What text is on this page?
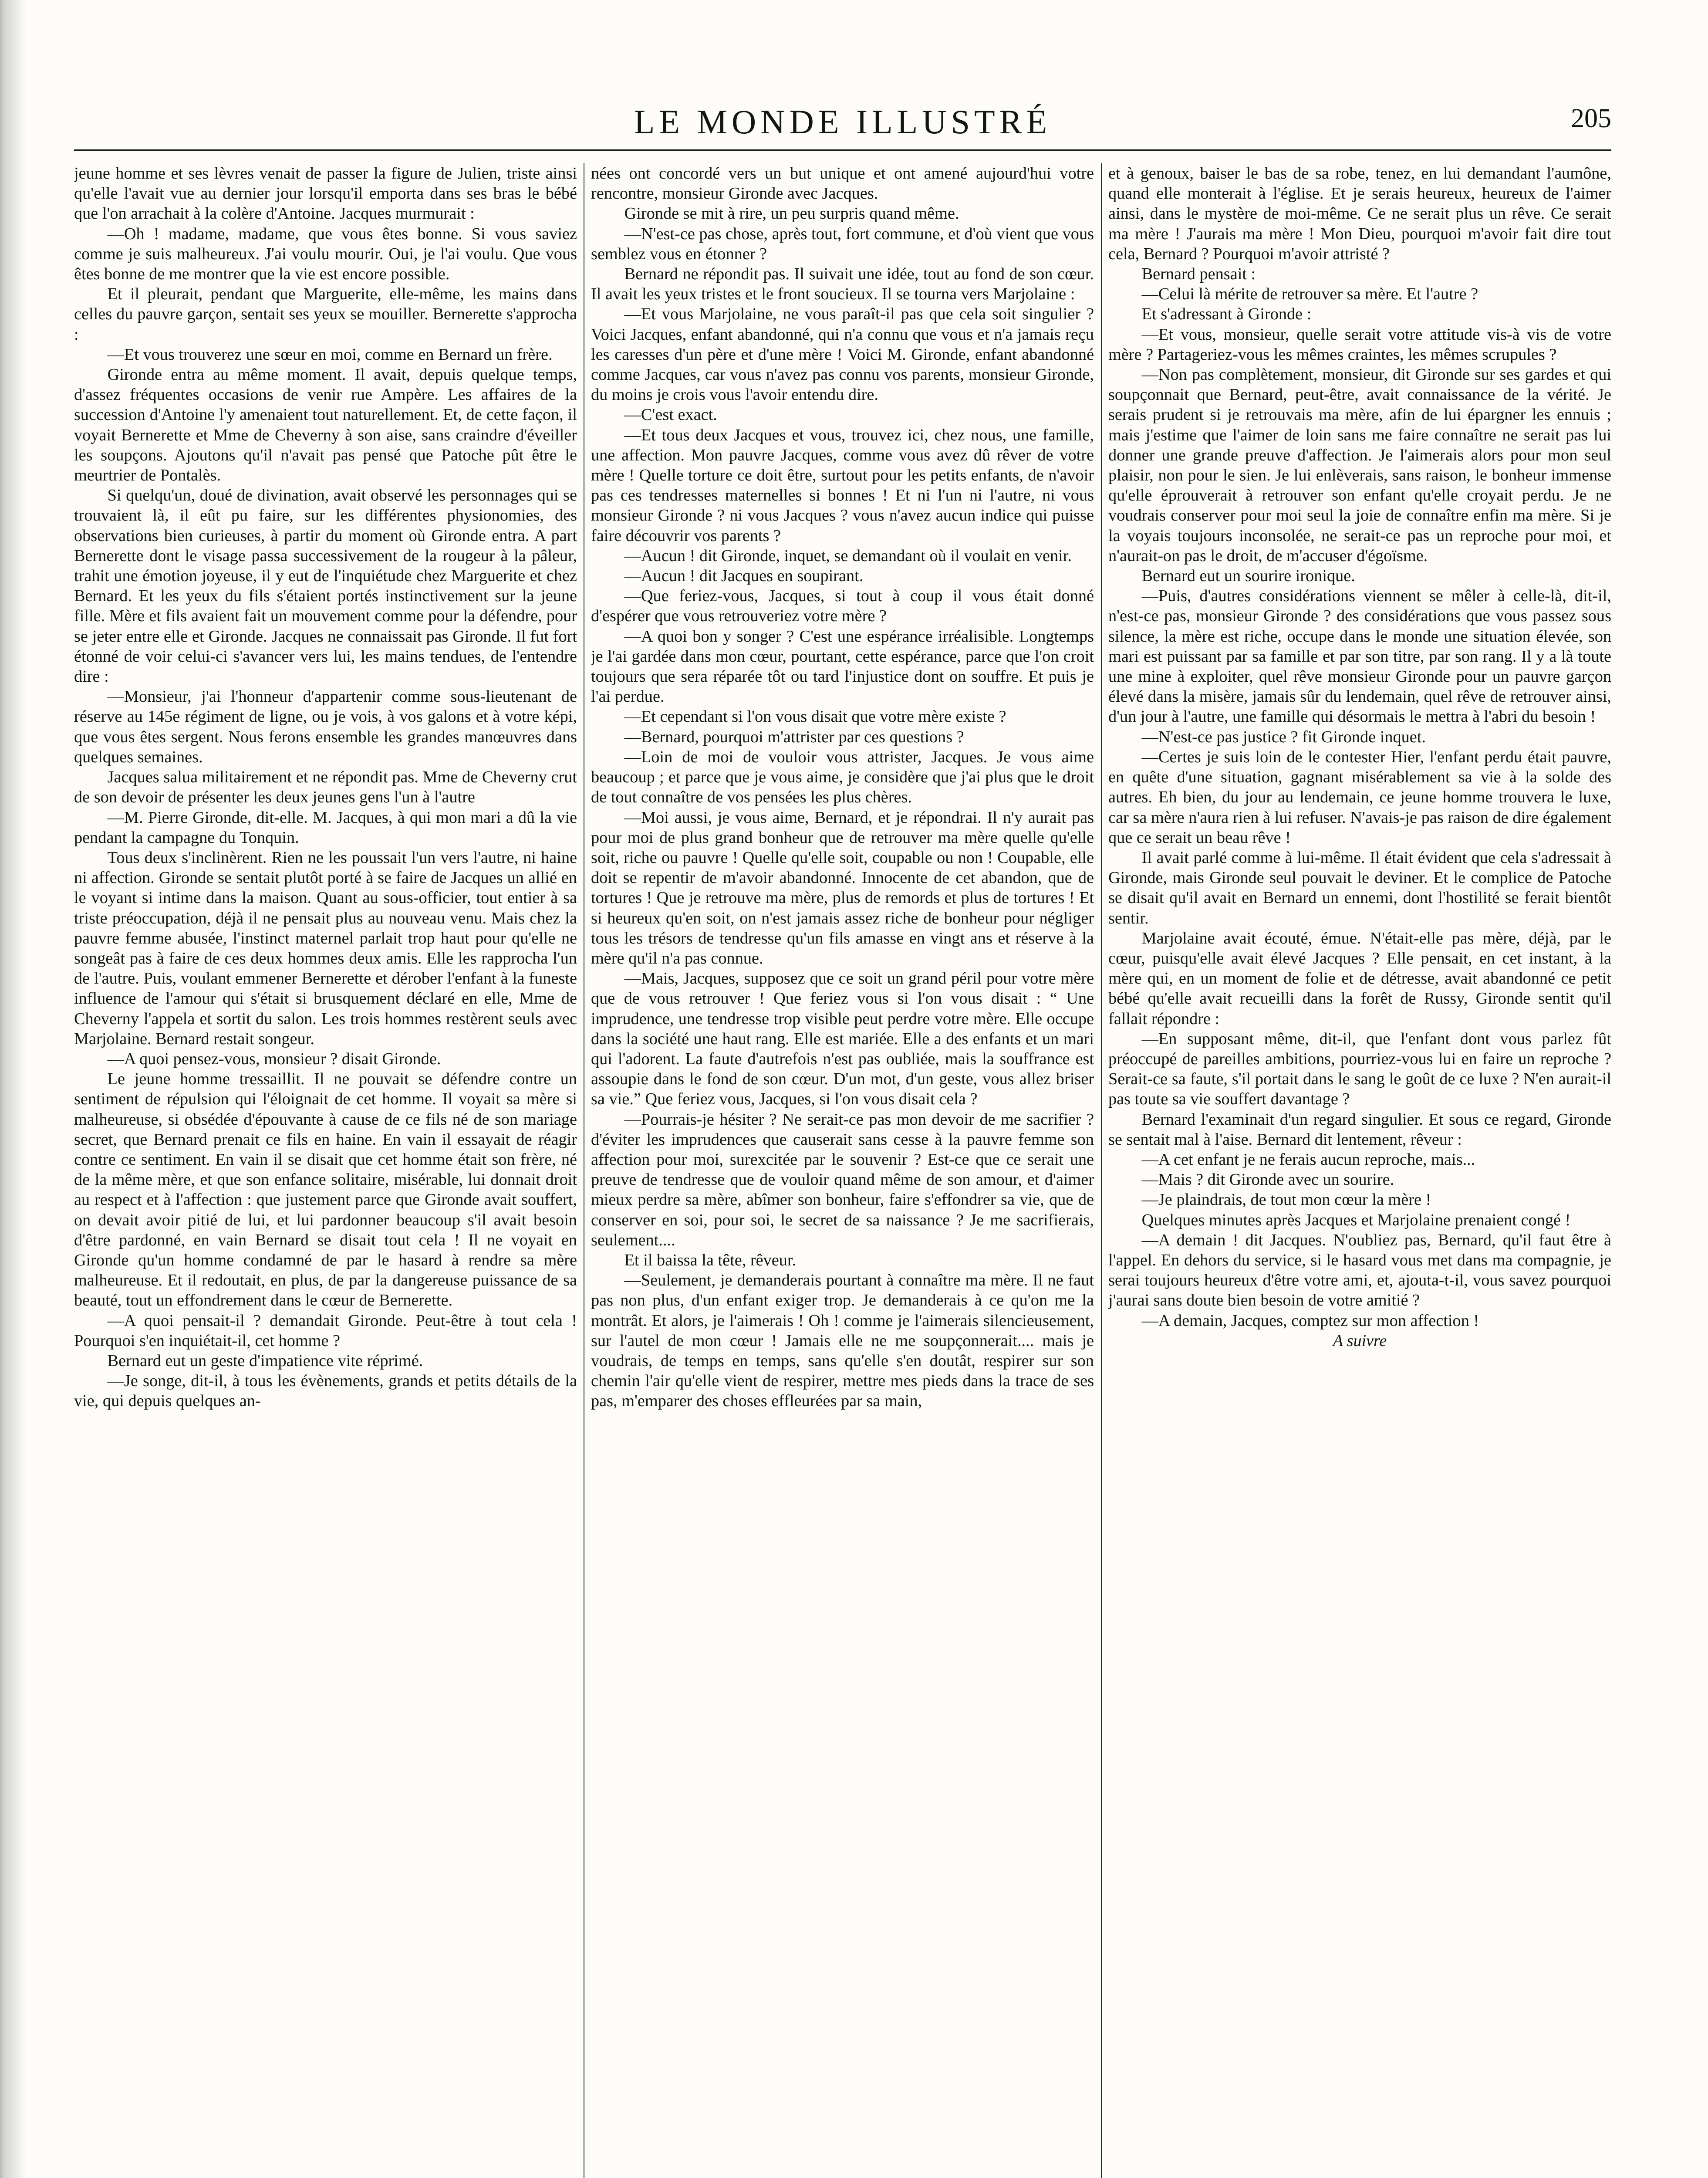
LE MONDE ILLUSTRÉ	205

jeune homme et ses lèvres venait de passer la figure de Julien, triste ainsi qu'elle l'avait vue au dernier jour lorsqu'il emporta dans ses bras le bébé que l'on arrachait à la colère d'Antoine. Jacques murmurait :

—Oh ! madame, madame, que vous êtes bonne. Si vous saviez comme je suis malheureux. J'ai voulu mourir. Oui, je l'ai voulu. Que vous êtes bonne de me montrer que la vie est encore possible.

Et il pleurait, pendant que Marguerite, elle-même, les mains dans celles du pauvre garçon, sentait ses yeux se mouiller. Bernerette s'approcha :

—Et vous trouverez une sœur en moi, comme en Bernard un frère.

Gironde entra au même moment. Il avait, depuis quelque temps, d'assez fréquentes occasions de venir rue Ampère. Les affaires de la succession d'Antoine l'y amenaient tout naturellement. Et, de cette façon, il voyait Bernerette et Mme de Cheverny à son aise, sans craindre d'éveiller les soupçons. Ajoutons qu'il n'avait pas pensé que Patoche pût être le meurtrier de Pontalès.

Si quelqu'un, doué de divination, avait observé les personnages qui se trouvaient là, il eût pu faire, sur les différentes physionomies, des observations bien curieuses, à partir du moment où Gironde entra. A part Bernerette dont le visage passa successivement de la rougeur à la pâleur, trahit une émotion joyeuse, il y eut de l'inquiétude chez Marguerite et chez Bernard. Et les yeux du fils s'étaient portés instinctivement sur la jeune fille. Mère et fils avaient fait un mouvement comme pour la défendre, pour se jeter entre elle et Gironde. Jacques ne connaissait pas Gironde. Il fut fort étonné de voir celui-ci s'avancer vers lui, les mains tendues, de l'entendre dire :

—Monsieur, j'ai l'honneur d'appartenir comme sous-lieutenant de réserve au 145e régiment de ligne, ou je vois, à vos galons et à votre képi, que vous êtes sergent. Nous ferons ensemble les grandes manœuvres dans quelques semaines.

Jacques salua militairement et ne répondit pas. Mme de Cheverny crut de son devoir de présenter les deux jeunes gens l'un à l'autre

—M. Pierre Gironde, dit-elle. M. Jacques, à qui mon mari a dû la vie pendant la campagne du Tonquin.

Tous deux s'inclinèrent. Rien ne les poussait l'un vers l'autre, ni haine ni affection. Gironde se sentait plutôt porté à se faire de Jacques un allié en le voyant si intime dans la maison. Quant au sous-officier, tout entier à sa triste préoccupation, déjà il ne pensait plus au nouveau venu. Mais chez la pauvre femme abusée, l'instinct maternel parlait trop haut pour qu'elle ne songeât pas à faire de ces deux hommes deux amis. Elle les rapprocha l'un de l'autre. Puis, voulant emmener Bernerette et dérober l'enfant à la funeste influence de l'amour qui s'était si brusquement déclaré en elle, Mme de Cheverny l'appela et sortit du salon. Les trois hommes restèrent seuls avec Marjolaine. Bernard restait songeur.

—A quoi pensez-vous, monsieur ? disait Gironde.

Le jeune homme tressaillit. Il ne pouvait se défendre contre un sentiment de répulsion qui l'éloignait de cet homme. Il voyait sa mère si malheureuse, si obsédée d'épouvante à cause de ce fils né de son mariage secret, que Bernard prenait ce fils en haine. En vain il essayait de réagir contre ce sentiment. En vain il se disait que cet homme était son frère, né de la même mère, et que son enfance solitaire, misérable, lui donnait droit au respect et à l'affection : que justement parce que Gironde avait souffert, on devait avoir pitié de lui, et lui pardonner beaucoup s'il avait besoin d'être pardonné, en vain Bernard se disait tout cela ! Il ne voyait en Gironde qu'un homme condamné de par le hasard à rendre sa mère malheureuse. Et il redoutait, en plus, de par la dangereuse puissance de sa beauté, tout un effondrement dans le cœur de Bernerette.

—A quoi pensait-il ? demandait Gironde. Peut-être à tout cela ! Pourquoi s'en inquiétait-il, cet homme ?

Bernard eut un geste d'impatience vite réprimé.

—Je songe, dit-il, à tous les évènements, grands et petits détails de la vie, qui depuis quelques an-

nées ont concordé vers un but unique et ont amené aujourd'hui votre rencontre, monsieur Gironde avec Jacques.

Gironde se mit à rire, un peu surpris quand même.

—N'est-ce pas chose, après tout, fort commune, et d'où vient que vous semblez vous en étonner ?

Bernard ne répondit pas. Il suivait une idée, tout au fond de son cœur. Il avait les yeux tristes et le front soucieux. Il se tourna vers Marjolaine :

—Et vous Marjolaine, ne vous paraît-il pas que cela soit singulier ? Voici Jacques, enfant abandonné, qui n'a connu que vous et n'a jamais reçu les caresses d'un père et d'une mère ! Voici M. Gironde, enfant abandonné comme Jacques, car vous n'avez pas connu vos parents, monsieur Gironde, du moins je crois vous l'avoir entendu dire.

—C'est exact.

—Et tous deux Jacques et vous, trouvez ici, chez nous, une famille, une affection. Mon pauvre Jacques, comme vous avez dû rêver de votre mère ! Quelle torture ce doit être, surtout pour les petits enfants, de n'avoir pas ces tendresses maternelles si bonnes ! Et ni l'un ni l'autre, ni vous monsieur Gironde ? ni vous Jacques ? vous n'avez aucun indice qui puisse faire découvrir vos parents ?

—Aucun ! dit Gironde, inquet, se demandant où il voulait en venir.

—Aucun ! dit Jacques en soupirant.

—Que feriez-vous, Jacques, si tout à coup il vous était donné d'espérer que vous retrouveriez votre mère ?

—A quoi bon y songer ? C'est une espérance irréalisible. Longtemps je l'ai gardée dans mon cœur, pourtant, cette espérance, parce que l'on croit toujours que sera réparée tôt ou tard l'injustice dont on souffre. Et puis je l'ai perdue.

—Et cependant si l'on vous disait que votre mère existe ?

—Bernard, pourquoi m'attrister par ces questions ?

—Loin de moi de vouloir vous attrister, Jacques. Je vous aime beaucoup ; et parce que je vous aime, je considère que j'ai plus que le droit de tout connaître de vos pensées les plus chères.

—Moi aussi, je vous aime, Bernard, et je répondrai. Il n'y aurait pas pour moi de plus grand bonheur que de retrouver ma mère quelle qu'elle soit, riche ou pauvre ! Quelle qu'elle soit, coupable ou non ! Coupable, elle doit se repentir de m'avoir abandonné. Innocente de cet abandon, que de tortures ! Que je retrouve ma mère, plus de remords et plus de tortures ! Et si heureux qu'en soit, on n'est jamais assez riche de bonheur pour négliger tous les trésors de tendresse qu'un fils amasse en vingt ans et réserve à la mère qu'il n'a pas connue.

—Mais, Jacques, supposez que ce soit un grand péril pour votre mère que de vous retrouver ! Que feriez vous si l'on vous disait : “ Une imprudence, une tendresse trop visible peut perdre votre mère. Elle occupe dans la société une haut rang. Elle est mariée. Elle a des enfants et un mari qui l'adorent. La faute d'autrefois n'est pas oubliée, mais la souffrance est assoupie dans le fond de son cœur. D'un mot, d'un geste, vous allez briser sa vie.” Que feriez vous, Jacques, si l'on vous disait cela ?

—Pourrais-je hésiter ? Ne serait-ce pas mon devoir de me sacrifier ? d'éviter les imprudences que causerait sans cesse à la pauvre femme son affection pour moi, surexcitée par le souvenir ? Est-ce que ce serait une preuve de tendresse que de vouloir quand même de son amour, et d'aimer mieux perdre sa mère, abîmer son bonheur, faire s'effondrer sa vie, que de conserver en soi, pour soi, le secret de sa naissance ? Je me sacrifierais, seulement....

Et il baissa la tête, rêveur.

—Seulement, je demanderais pourtant à connaître ma mère. Il ne faut pas non plus, d'un enfant exiger trop. Je demanderais à ce qu'on me la montrât. Et alors, je l'aimerais ! Oh ! comme je l'aimerais silencieusement, sur l'autel de mon cœur ! Jamais elle ne me soupçonnerait.... mais je voudrais, de temps en temps, sans qu'elle s'en doutât, respirer sur son chemin l'air qu'elle vient de respirer, mettre mes pieds dans la trace de ses pas, m'emparer des choses effleurées par sa main,

et à genoux, baiser le bas de sa robe, tenez, en lui demandant l'aumône, quand elle monterait à l'église. Et je serais heureux, heureux de l'aimer ainsi, dans le mystère de moi-même. Ce ne serait plus un rêve. Ce serait ma mère ! J'aurais ma mère ! Mon Dieu, pourquoi m'avoir fait dire tout cela, Bernard ? Pourquoi m'avoir attristé ?

Bernard pensait :

—Celui là mérite de retrouver sa mère. Et l'autre ?

Et s'adressant à Gironde :

—Et vous, monsieur, quelle serait votre attitude vis-à vis de votre mère ? Partageriez-vous les mêmes craintes, les mêmes scrupules ?

—Non pas complètement, monsieur, dit Gironde sur ses gardes et qui soupçonnait que Bernard, peut-être, avait connaissance de la vérité. Je serais prudent si je retrouvais ma mère, afin de lui épargner les ennuis ; mais j'estime que l'aimer de loin sans me faire connaître ne serait pas lui donner une grande preuve d'affection. Je l'aimerais alors pour mon seul plaisir, non pour le sien. Je lui enlèverais, sans raison, le bonheur immense qu'elle éprouverait à retrouver son enfant qu'elle croyait perdu. Je ne voudrais conserver pour moi seul la joie de connaître enfin ma mère. Si je la voyais toujours inconsolée, ne serait-ce pas un reproche pour moi, et n'aurait-on pas le droit, de m'accuser d'égoïsme.

Bernard eut un sourire ironique.

—Puis, d'autres considérations viennent se mêler à celle-là, dit-il, n'est-ce pas, monsieur Gironde ? des considérations que vous passez sous silence, la mère est riche, occupe dans le monde une situation élevée, son mari est puissant par sa famille et par son titre, par son rang. Il y a là toute une mine à exploiter, quel rêve monsieur Gironde pour un pauvre garçon élevé dans la misère, jamais sûr du lendemain, quel rêve de retrouver ainsi, d'un jour à l'autre, une famille qui désormais le mettra à l'abri du besoin !

—N'est-ce pas justice ? fit Gironde inquet.

—Certes je suis loin de le contester Hier, l'enfant perdu était pauvre, en quête d'une situation, gagnant misérablement sa vie à la solde des autres. Eh bien, du jour au lendemain, ce jeune homme trouvera le luxe, car sa mère n'aura rien à lui refuser. N'avais-je pas raison de dire également que ce serait un beau rêve !

Il avait parlé comme à lui-même. Il était évident que cela s'adressait à Gironde, mais Gironde seul pouvait le deviner. Et le complice de Patoche se disait qu'il avait en Bernard un ennemi, dont l'hostilité se ferait bientôt sentir.

Marjolaine avait écouté, émue. N'était-elle pas mère, déjà, par le cœur, puisqu'elle avait élevé Jacques ? Elle pensait, en cet instant, à la mère qui, en un moment de folie et de détresse, avait abandonné ce petit bébé qu'elle avait recueilli dans la forêt de Russy, Gironde sentit qu'il fallait répondre :

—En supposant même, dit-il, que l'enfant dont vous parlez fût préoccupé de pareilles ambitions, pourriez-vous lui en faire un reproche ? Serait-ce sa faute, s'il portait dans le sang le goût de ce luxe ? N'en aurait-il pas toute sa vie souffert davantage ?

Bernard l'examinait d'un regard singulier. Et sous ce regard, Gironde se sentait mal à l'aise. Bernard dit lentement, rêveur :

—A cet enfant je ne ferais aucun reproche, mais...

—Mais ? dit Gironde avec un sourire.

—Je plaindrais, de tout mon cœur la mère !

Quelques minutes après Jacques et Marjolaine prenaient congé !

—A demain ! dit Jacques. N'oubliez pas, Bernard, qu'il faut être à l'appel. En dehors du service, si le hasard vous met dans ma compagnie, je serai toujours heureux d'être votre ami, et, ajouta-t-il, vous savez pourquoi j'aurai sans doute bien besoin de votre amitié ?

—A demain, Jacques, comptez sur mon affection !

A suivre
